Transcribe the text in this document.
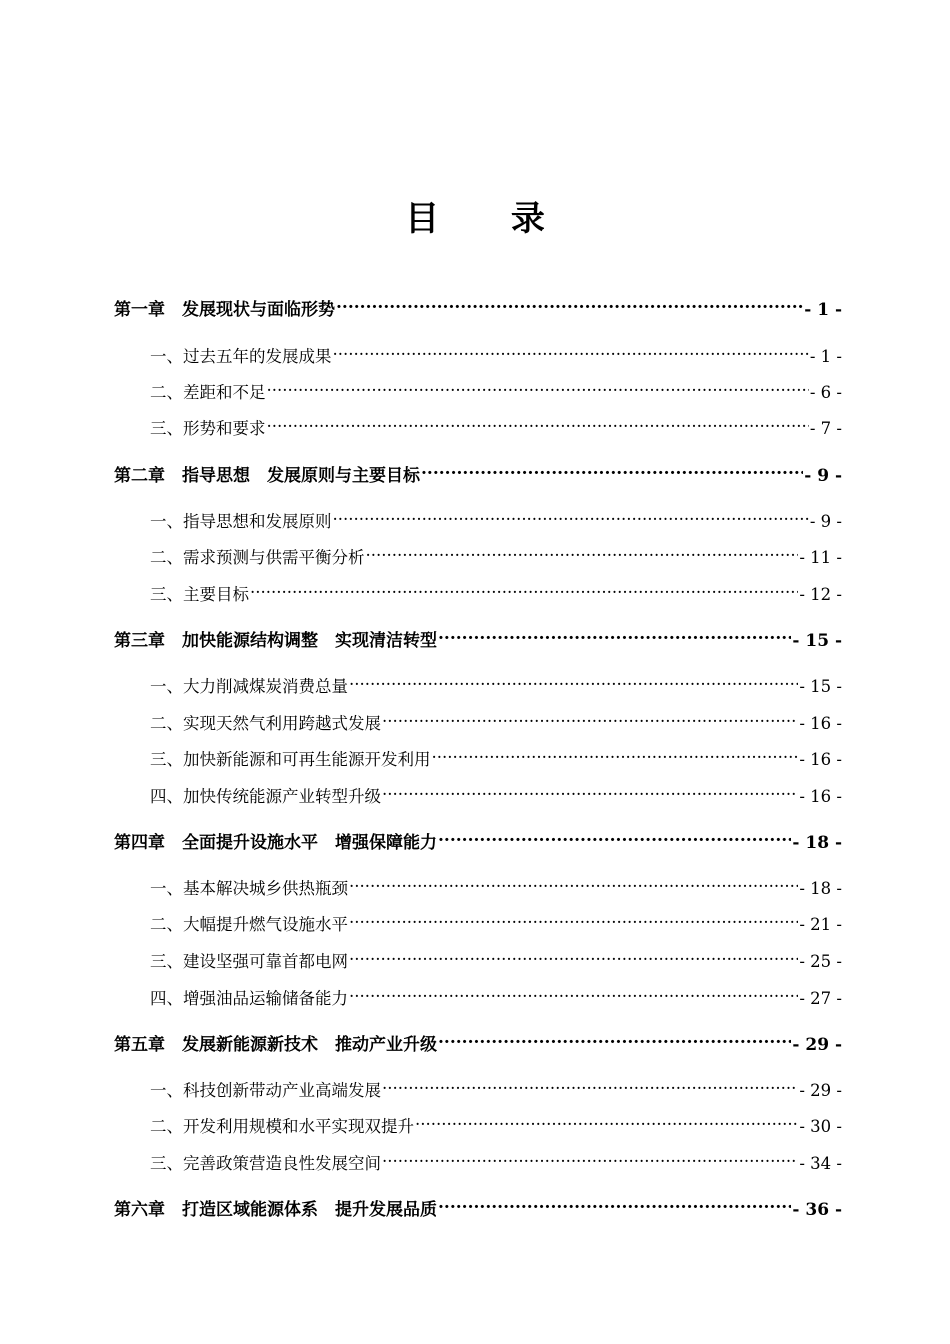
目 录
第一章　发展现状与面临形势 .....	- 1 -
一、过去五年的发展成果 .....	- 1 -
二、差距和不足 .....	- 6 -
三、形势和要求 .....	- 7 -
第二章　指导思想　发展原则与主要目标 .....	- 9 -
一、指导思想和发展原则 .....	- 9 -
二、需求预测与供需平衡分析 .....	- 11 -
三、主要目标 .....	- 12 -
第三章　加快能源结构调整　实现清洁转型 .....	- 15 -
一、大力削减煤炭消费总量 .....	- 15 -
二、实现天然气利用跨越式发展 .....	- 16 -
三、加快新能源和可再生能源开发利用 .....	- 16 -
四、加快传统能源产业转型升级 .....	- 16 -
第四章　全面提升设施水平　增强保障能力 .....	- 18 -
一、基本解决城乡供热瓶颈 .....	- 18 -
二、大幅提升燃气设施水平 .....	- 21 -
三、建设坚强可靠首都电网 .....	- 25 -
四、增强油品运输储备能力 .....	- 27 -
第五章　发展新能源新技术　推动产业升级 .....	- 29 -
一、科技创新带动产业高端发展 .....	- 29 -
二、开发利用规模和水平实现双提升 .....	- 30 -
三、完善政策营造良性发展空间 .....	- 34 -
第六章　打造区域能源体系　提升发展品质 .....	- 36 -
